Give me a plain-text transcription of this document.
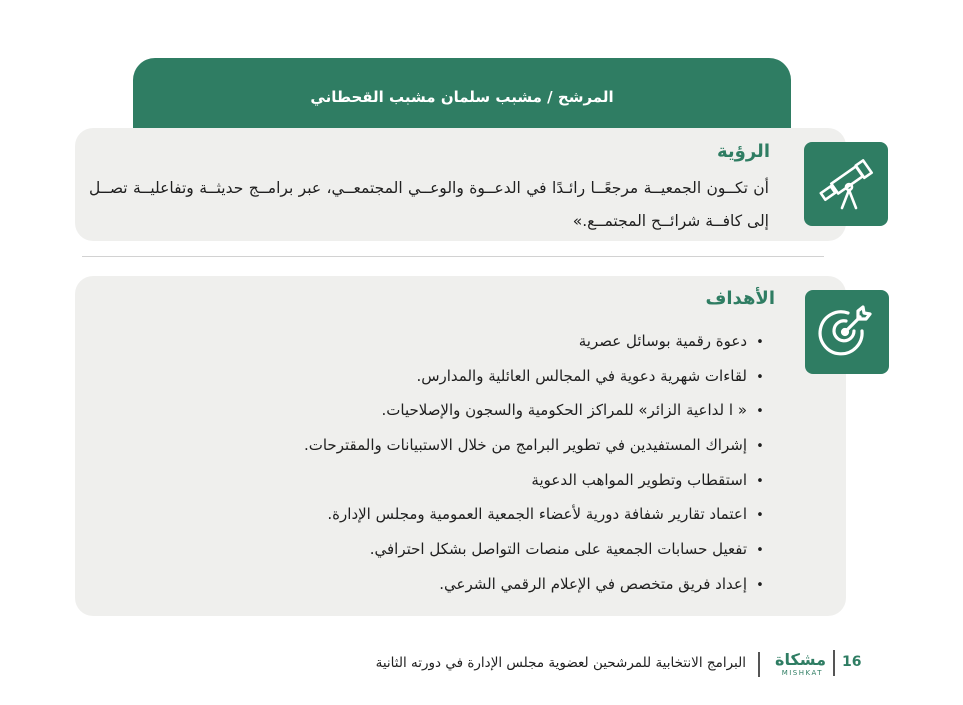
المرشح / مشبب سلمان مشبب القحطاني
الرؤية
أن تكــون الجمعيــة مرجعًــا رائـدًا في الدعــوة والوعــي المجتمعــي، عبر برامــج حديثــة وتفاعليــة تصــل إلى كافــة شرائــح المجتمــع.»
الأهداف
•دعوة رقمية بوسائل عصرية
•لقاءات شهرية دعوية في المجالس العائلية والمدارس.
•« ا لداعية الزائر» للمراكز الحكومية والسجون والإصلاحيات.
•إشراك المستفيدين في تطوير البرامج من خلال الاستبيانات والمقترحات.
•استقطاب وتطوير المواهب الدعوية
•اعتماد تقارير شفافة دورية لأعضاء الجمعية العمومية ومجلس الإدارة.
•تفعيل حسابات الجمعية على منصات التواصل بشكل احترافي.
•إعداد فريق متخصص في الإعلام الرقمي الشرعي.
16
مشكاة
MISHKAT
البرامج الانتخابية للمرشحين لعضوية مجلس الإدارة في دورته الثانية
